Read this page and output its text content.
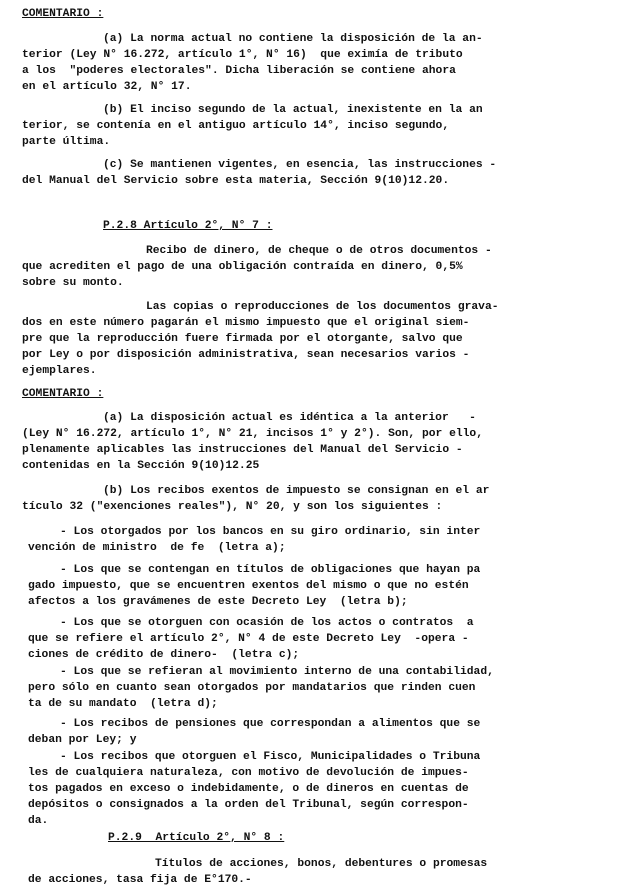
COMENTARIO :
(a) La norma actual no contiene la disposición de la an-
terior (Ley N° 16.272, artículo 1°, N° 16)  que eximía de tributo
a los  "poderes electorales". Dicha liberación se contiene ahora
en el artículo 32, N° 17.
(b) El inciso segundo de la actual, inexistente en la an
terior, se contenía en el antiguo artículo 14°, inciso segundo,
parte última.
(c) Se mantienen vigentes, en esencia, las instrucciones -
del Manual del Servicio sobre esta materia, Sección 9(10)12.20.
P.2.8 Artículo 2°, N° 7 :
Recibo de dinero, de cheque o de otros documentos -
que acrediten el pago de una obligación contraída en dinero, 0,5%
sobre su monto.
Las copias o reproducciones de los documentos grava-
dos en este número pagarán el mismo impuesto que el original siem-
pre que la reproducción fuere firmada por el otorgante, salvo que
por Ley o por disposición administrativa, sean necesarios varios -
ejemplares.
COMENTARIO :
(a) La disposición actual es idéntica a la anterior   -
(Ley N° 16.272, artículo 1°, N° 21, incisos 1° y 2°). Son, por ello,
plenamente aplicables las instrucciones del Manual del Servicio -
contenidas en la Sección 9(10)12.25
(b) Los recibos exentos de impuesto se consignan en el ar
tículo 32 ("exenciones reales"), N° 20, y son los siguientes :
- Los otorgados por los bancos en su giro ordinario, sin inter
vención de ministro  de fe  (letra a);
- Los que se contengan en títulos de obligaciones que hayan pa
gado impuesto, que se encuentren exentos del mismo o que no estén
afectos a los gravámenes de este Decreto Ley  (letra b);
- Los que se otorguen con ocasión de los actos o contratos  a
que se refiere el artículo 2°, N° 4 de este Decreto Ley  -opera -
ciones de crédito de dinero-  (letra c);
- Los que se refieran al movimiento interno de una contabilidad,
pero sólo en cuanto sean otorgados por mandatarios que rinden cuen
ta de su mandato  (letra d);
- Los recibos de pensiones que correspondan a alimentos que se
deban por Ley; y
- Los recibos que otorguen el Fisco, Municipalidades o Tribuna
les de cualquiera naturaleza, con motivo de devolución de impues-
tos pagados en exceso o indebidamente, o de dineros en cuentas de
depósitos o consignados a la orden del Tribunal, según correspon-
da.
P.2.9  Artículo 2°, N° 8 :
Títulos de acciones, bonos, debentures o promesas
de acciones, tasa fija de E°170.-
